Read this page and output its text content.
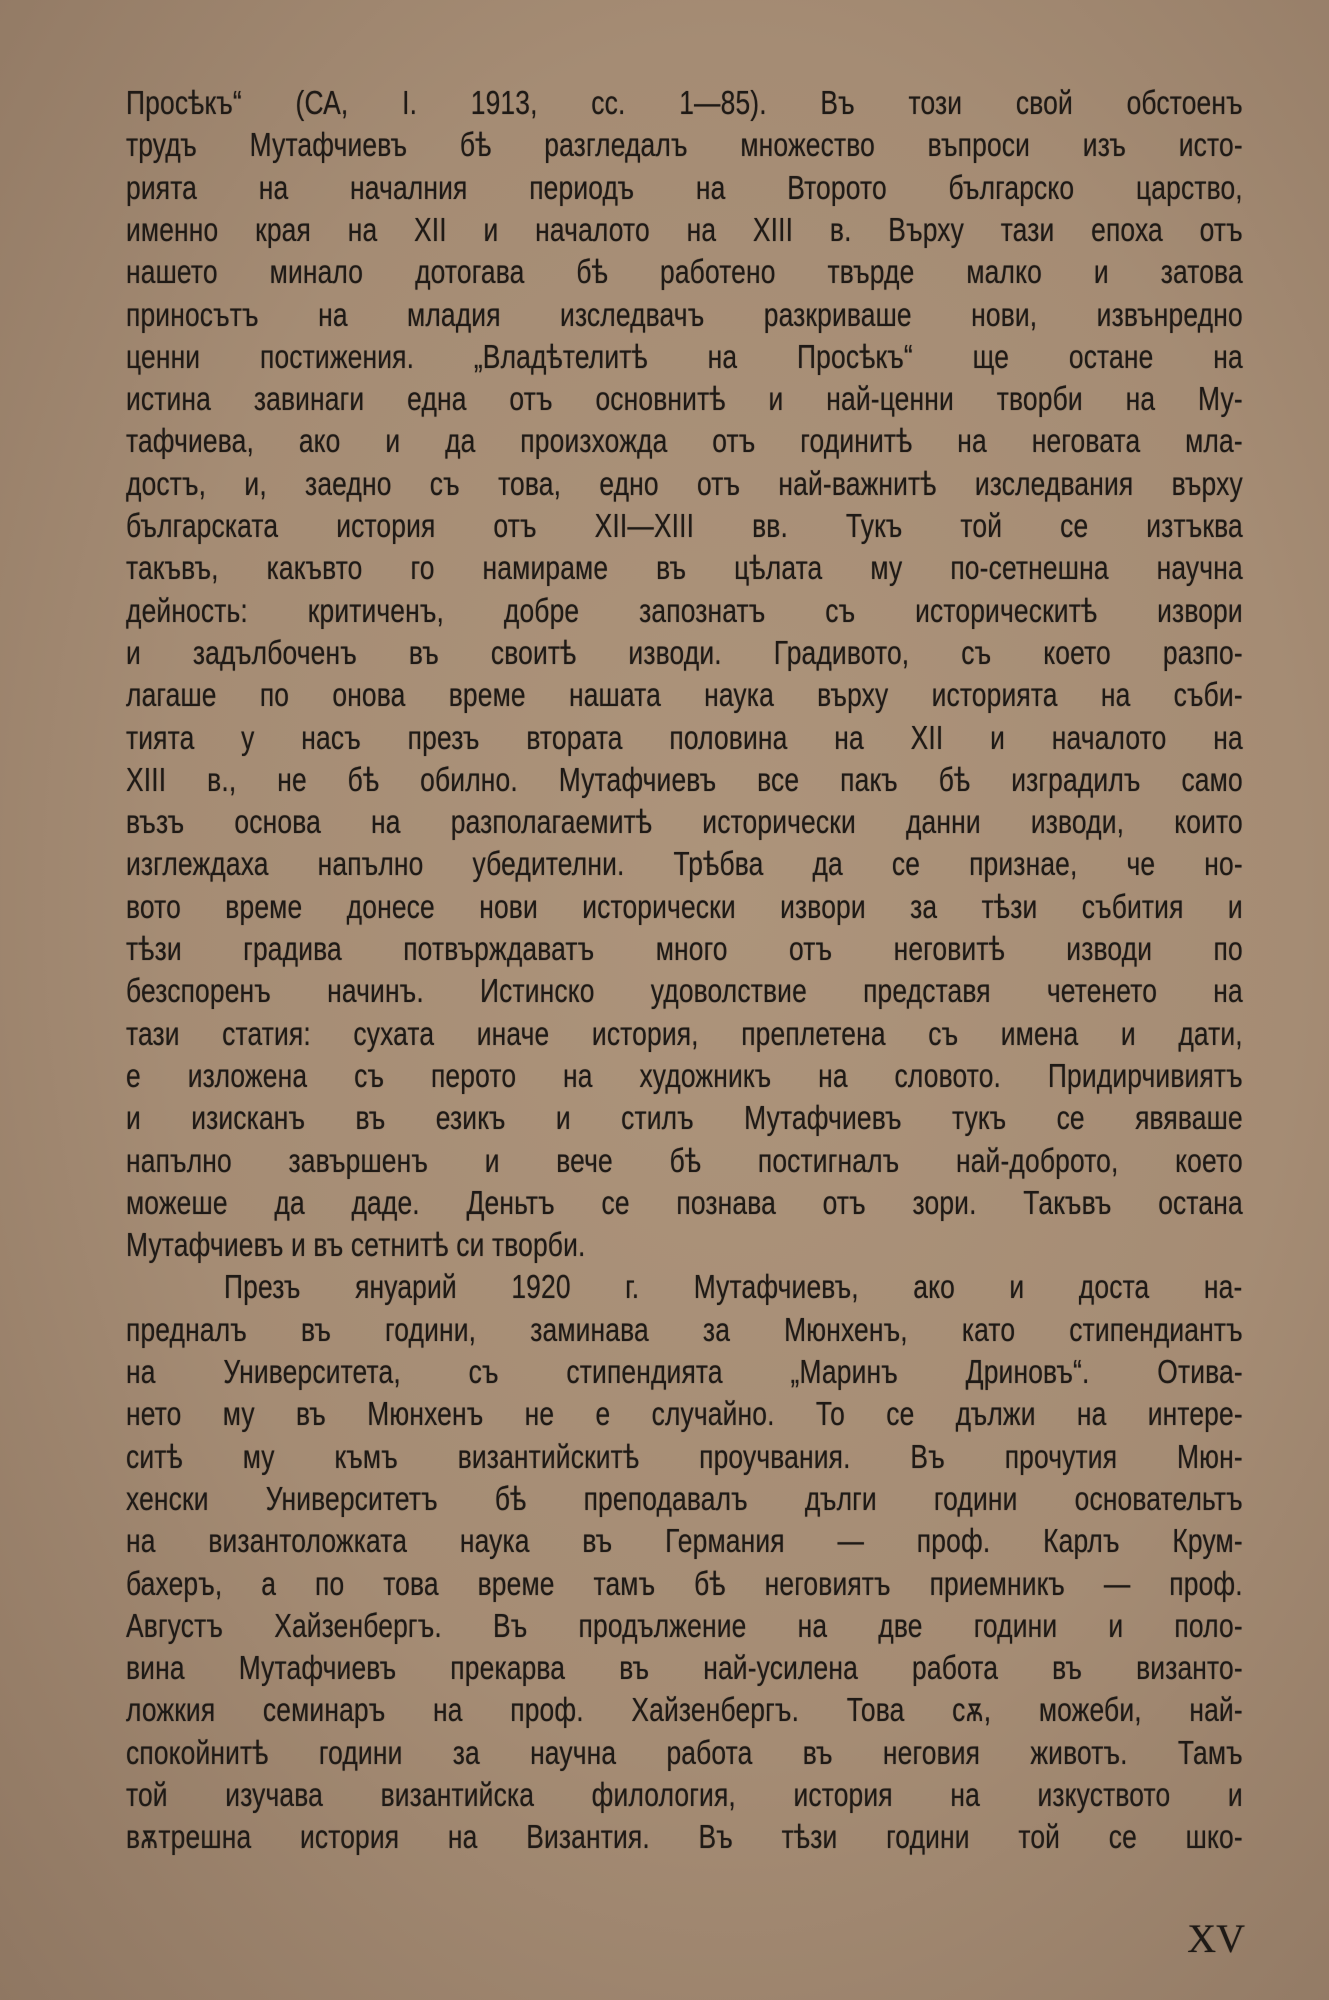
Просѣкъ“ (СА, I. 1913, сс. 1—85). Въ този свой обстоенъ
трудъ Мутафчиевъ бѣ разгледалъ множество въпроси изъ исто-
рията на началния периодъ на Второто българско царство,
именно края на XII и началото на XIII в. Върху тази епоха отъ
нашето минало дотогава бѣ работено твърде малко и затова
приносътъ на младия изследвачъ разкриваше нови, извънредно
ценни постижения. „Владѣтелитѣ на Просѣкъ“ ще остане на
истина завинаги една отъ основнитѣ и най-ценни творби на Му-
тафчиева, ако и да произхожда отъ годинитѣ на неговата мла-
достъ, и, заедно съ това, едно отъ най-важнитѣ изследвания върху
българската история отъ XII—XIII вв. Тукъ той се изтъква
такъвъ, какъвто го намираме въ цѣлата му по-сетнешна научна
дейность: критиченъ, добре запознатъ съ историческитѣ извори
и задълбоченъ въ своитѣ изводи. Градивото, съ което разпо-
лагаше по онова време нашата наука върху историята на съби-
тията у насъ презъ втората половина на XII и началото на
XIII в., не бѣ обилно. Мутафчиевъ все пакъ бѣ изградилъ само
възъ основа на разполагаемитѣ исторически данни изводи, които
изглеждаха напълно убедителни. Трѣбва да се признае, че но-
вото време донесе нови исторически извори за тѣзи събития и
тѣзи градива потвърждаватъ много отъ неговитѣ изводи по
безспоренъ начинъ. Истинско удоволствие представя четенето на
тази статия: сухата иначе история, преплетена съ имена и дати,
е изложена съ перото на художникъ на словото. Придирчивиятъ
и изисканъ въ езикъ и стилъ Мутафчиевъ тукъ се явяваше
напълно завършенъ и вече бѣ постигналъ най-доброто, което
можеше да даде. Деньтъ се познава отъ зори. Такъвъ остана
Мутафчиевъ и въ сетнитѣ си творби.
Презъ януарий 1920 г. Мутафчиевъ, ако и доста на-
предналъ въ години, заминава за Мюнхенъ, като стипендиантъ
на Университета, съ стипендията „Маринъ Дриновъ“. Отива-
нето му въ Мюнхенъ не е случайно. То се дължи на интере-
ситѣ му къмъ византийскитѣ проучвания. Въ прочутия Мюн-
хенски Университетъ бѣ преподавалъ дълги години основательтъ
на византоложката наука въ Германия — проф. Карлъ Крум-
бахеръ, а по това време тамъ бѣ неговиятъ приемникъ — проф.
Августъ Хайзенбергъ. Въ продължение на две години и поло-
вина Мутафчиевъ прекарва въ най-усилена работа въ византо-
ложкия семинаръ на проф. Хайзенбергъ. Това сѫ, можеби, най-
спокойнитѣ години за научна работа въ неговия животъ. Тамъ
той изучава византийска филология, история на изкуството и
вѫтрешна история на Византия. Въ тѣзи години той се шко-
XV
